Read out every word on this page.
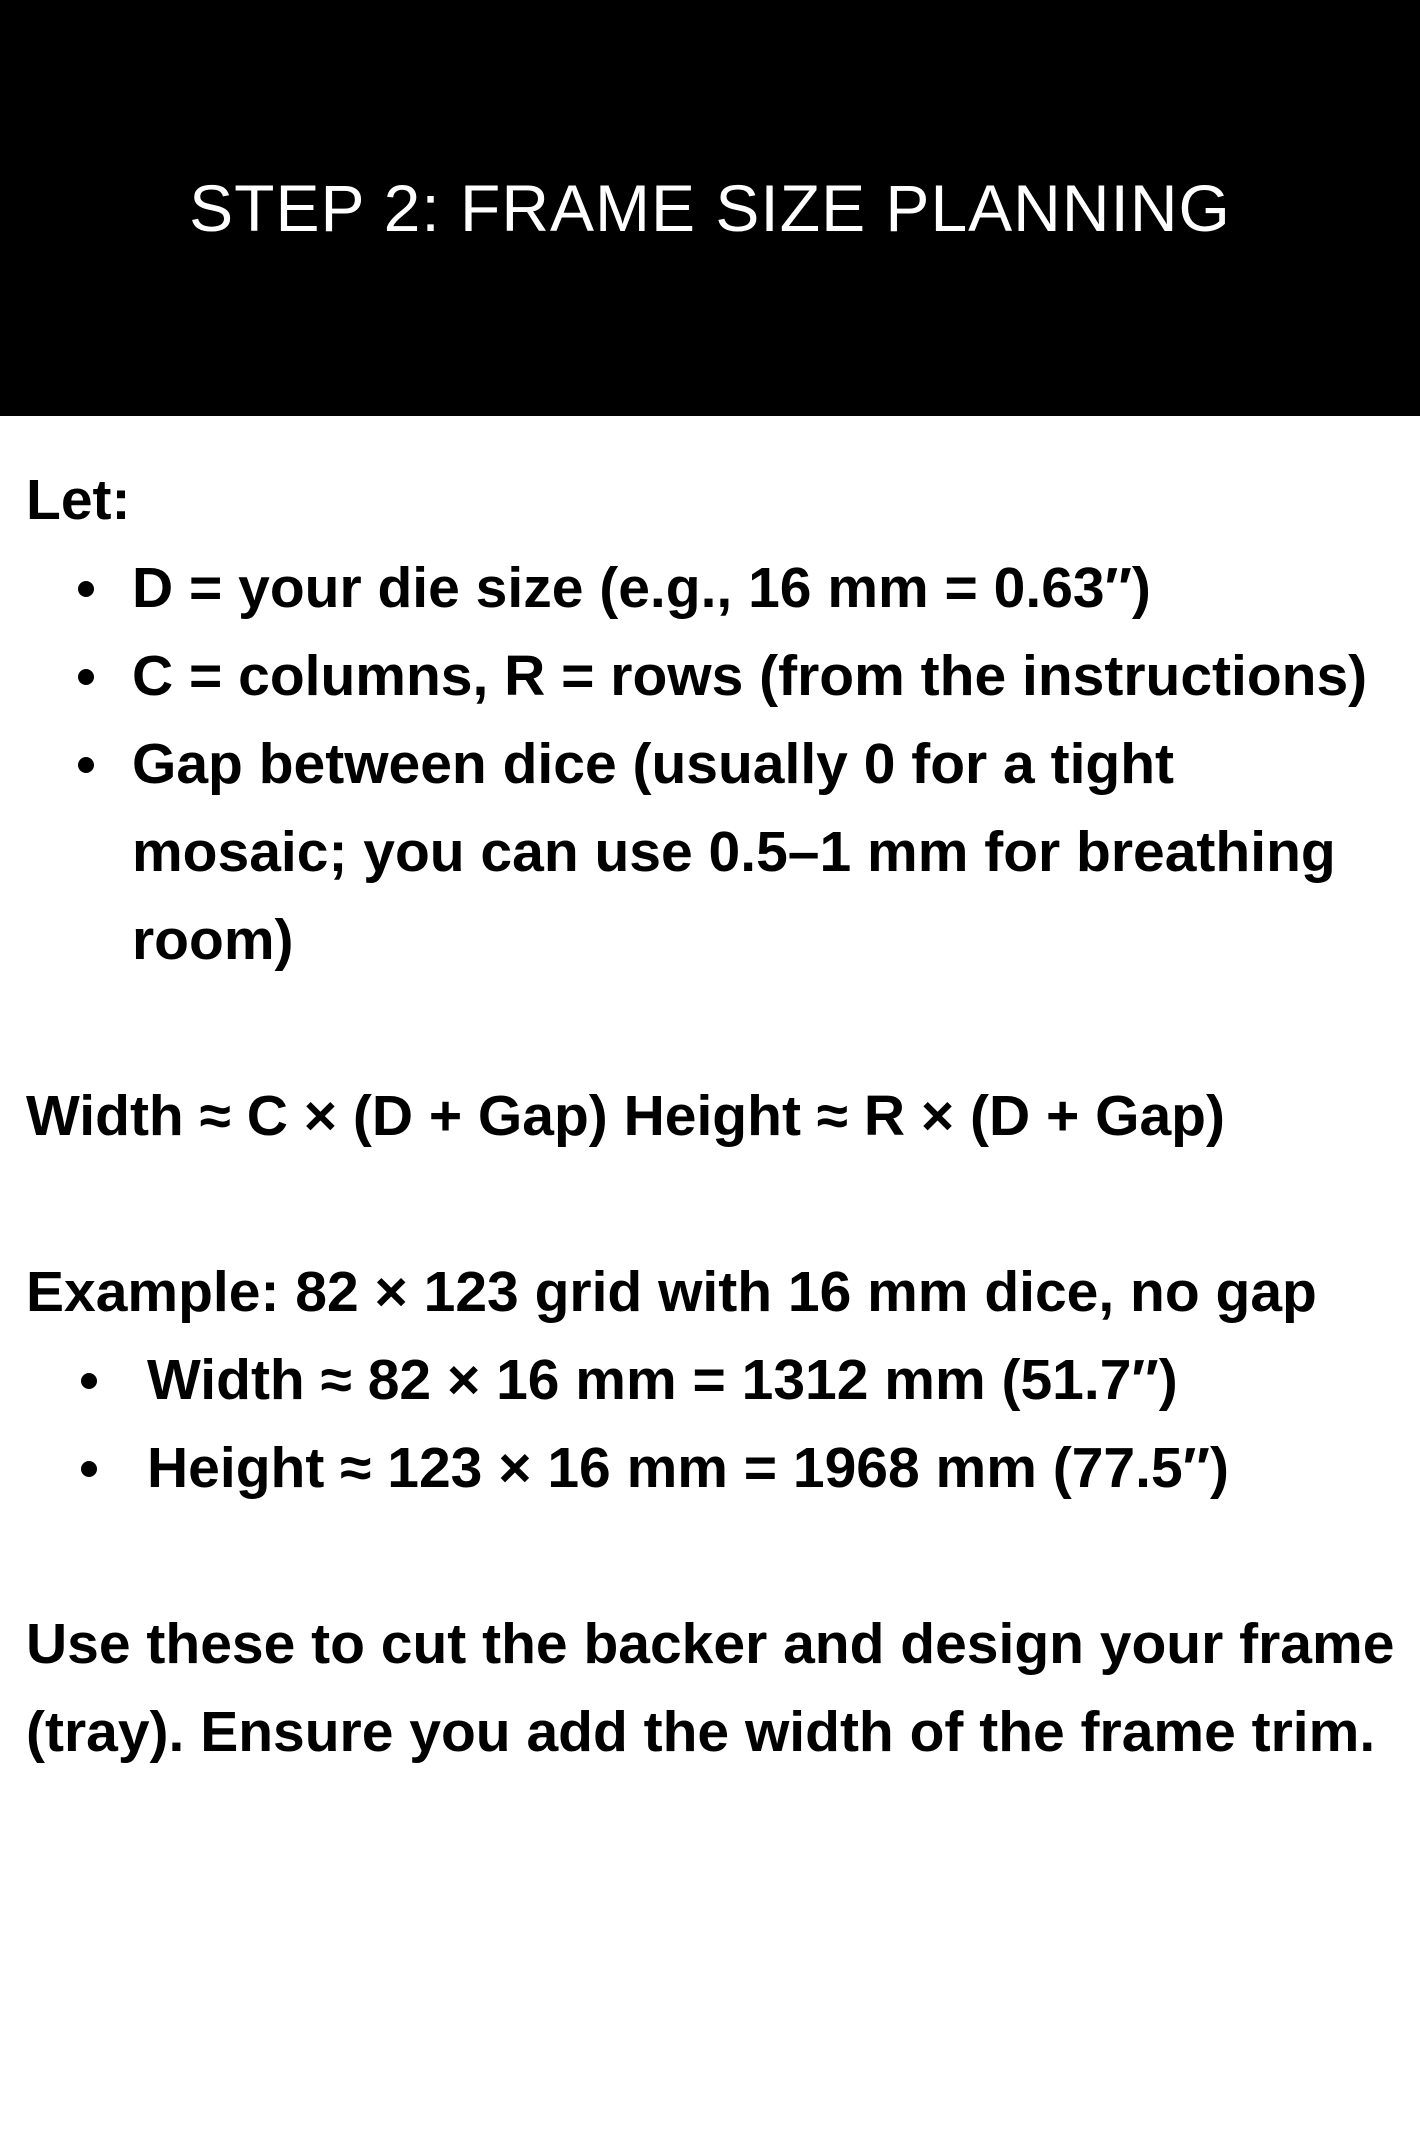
STEP 2: FRAME SIZE PLANNING

Let:

D = your die size (e.g., 16 mm = 0.63″)
C = columns, R = rows (from the instructions)
Gap between dice (usually 0 for a tight mosaic; you can use 0.5–1 mm for breathing room)

Width ≈ C × (D + Gap) Height ≈ R × (D + Gap)

Example: 82 × 123 grid with 16 mm dice, no gap

Width ≈ 82 × 16 mm = 1312 mm (51.7″)
Height ≈ 123 × 16 mm = 1968 mm (77.5″)

Use these to cut the backer and design your frame (tray). Ensure you add the width of the frame trim.
